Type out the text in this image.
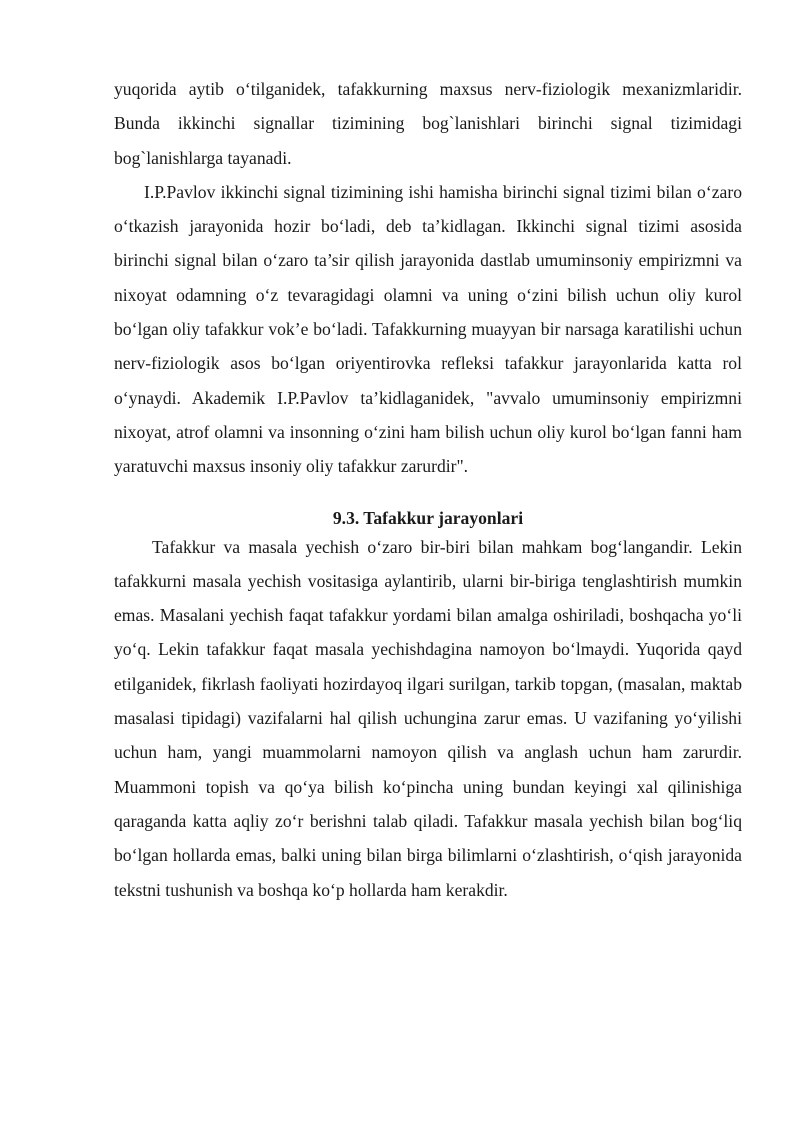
yuqorida aytib o‘tilganidek, tafakkurning maxsus nerv-fiziologik mexanizmlaridir. Bunda ikkinchi signallar tizimining bog`lanishlari birinchi signal tizimidagi bog`lanishlarga tayanadi.

I.P.Pavlov ikkinchi signal tizimining ishi hamisha birinchi signal tizimi bilan o‘zaro o‘tkazish jarayonida hozir bo‘ladi, deb ta’kidlagan. Ikkinchi signal tizimi asosida birinchi signal bilan o‘zaro ta’sir qilish jarayonida dastlab umuminsoniy empirizmni va nixoyat odamning o‘z tevaragidagi olamni va uning o‘zini bilish uchun oliy kurol bo‘lgan oliy tafakkur vok’e bo‘ladi. Tafakkurning muayyan bir narsaga karatilishi uchun nerv-fiziologik asos bo‘lgan oriyentirovka refleksi tafakkur jarayonlarida katta rol o‘ynaydi. Akademik I.P.Pavlov ta’kidlaganidek, "avvalo umuminsoniy empirizmni nixoyat, atrof olamni va insonning o‘zini ham bilish uchun oliy kurol bo‘lgan fanni ham yaratuvchi maxsus insoniy oliy tafakkur zarurdir".

9.3. Tafakkur jarayonlari

Tafakkur va masala yechish o‘zaro bir-biri bilan mahkam bog‘langandir. Lekin tafakkurni masala yechish vositasiga aylantirib, ularni bir-biriga tenglashtirish mumkin emas. Masalani yechish faqat tafakkur yordami bilan amalga oshiriladi, boshqacha yo‘li yo‘q. Lekin tafakkur faqat masala yechishdagina namoyon bo‘lmaydi. Yuqorida qayd etilganidek, fikrlash faoliyati hozirdayoq ilgari surilgan, tarkib topgan, (masalan, maktab masalasi tipidagi) vazifalarni hal qilish uchungina zarur emas. U vazifaning yo‘yilishi uchun ham, yangi muammolarni namoyon qilish va anglash uchun ham zarurdir. Muammoni topish va qo‘ya bilish ko‘pincha uning bundan keyingi xal qilinishiga qaraganda katta aqliy zo‘r berishni talab qiladi. Tafakkur masala yechish bilan bog‘liq bo‘lgan hollarda emas, balki uning bilan birga bilimlarni o‘zlashtirish, o‘qish jarayonida tekstni tushunish va boshqa ko‘p hollarda ham kerakdir.
